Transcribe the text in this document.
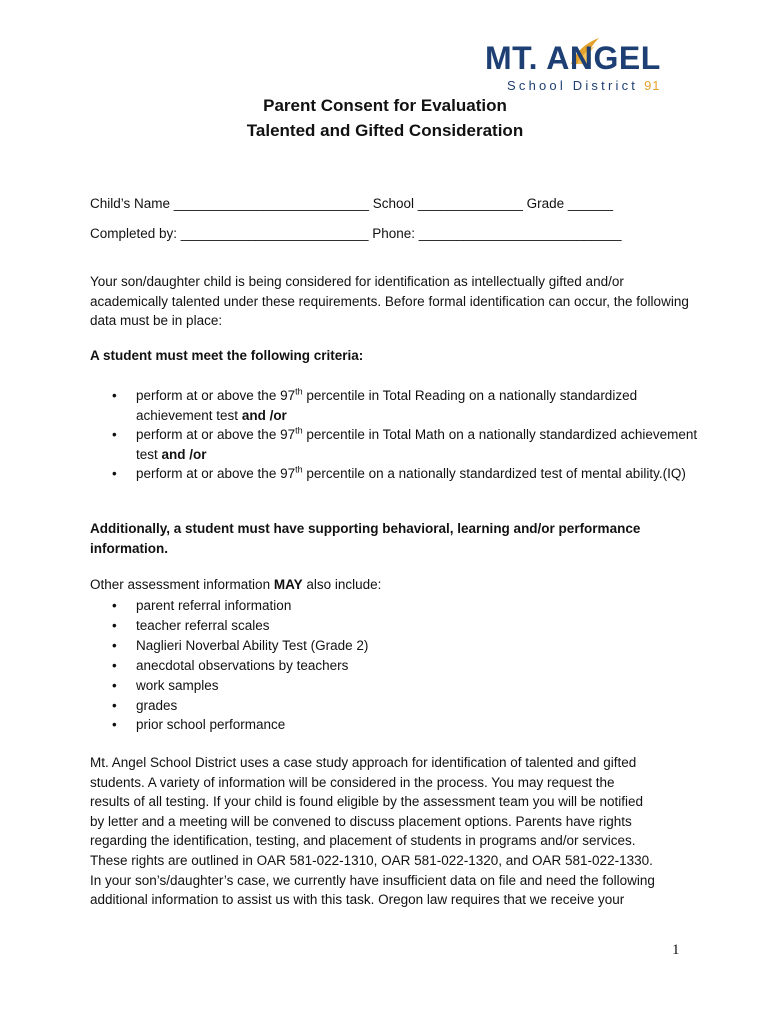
MT. ANGEL
School District 91
Parent Consent for Evaluation
Talented and Gifted Consideration
Child’s Name __________________________ School ______________ Grade ______
Completed by: _________________________ Phone: ___________________________
Your son/daughter child is being considered for identification as intellectually gifted and/or academically talented under these requirements. Before formal identification can occur, the following data must be in place:
A student must meet the following criteria:
• perform at or above the 97th percentile in Total Reading on a nationally standardized achievement test and /or
• perform at or above the 97th percentile in Total Math on a nationally standardized achievement test and /or
• perform at or above the 97th percentile on a nationally standardized test of mental ability.(IQ)
Additionally, a student must have supporting behavioral, learning and/or performance information.
Other assessment information MAY also include:
• parent referral information
• teacher referral scales
• Naglieri Noverbal Ability Test (Grade 2)
• anecdotal observations by teachers
• work samples
• grades
• prior school performance
Mt. Angel School District uses a case study approach for identification of talented and gifted
students. A variety of information will be considered in the process. You may request the
results of all testing. If your child is found eligible by the assessment team you will be notified
by letter and a meeting will be convened to discuss placement options. Parents have rights
regarding the identification, testing, and placement of students in programs and/or services.
These rights are outlined in OAR 581-022-1310, OAR 581-022-1320, and OAR 581-022-1330.
In your son’s/daughter’s case, we currently have insufficient data on file and need the following
additional information to assist us with this task. Oregon law requires that we receive your
1
